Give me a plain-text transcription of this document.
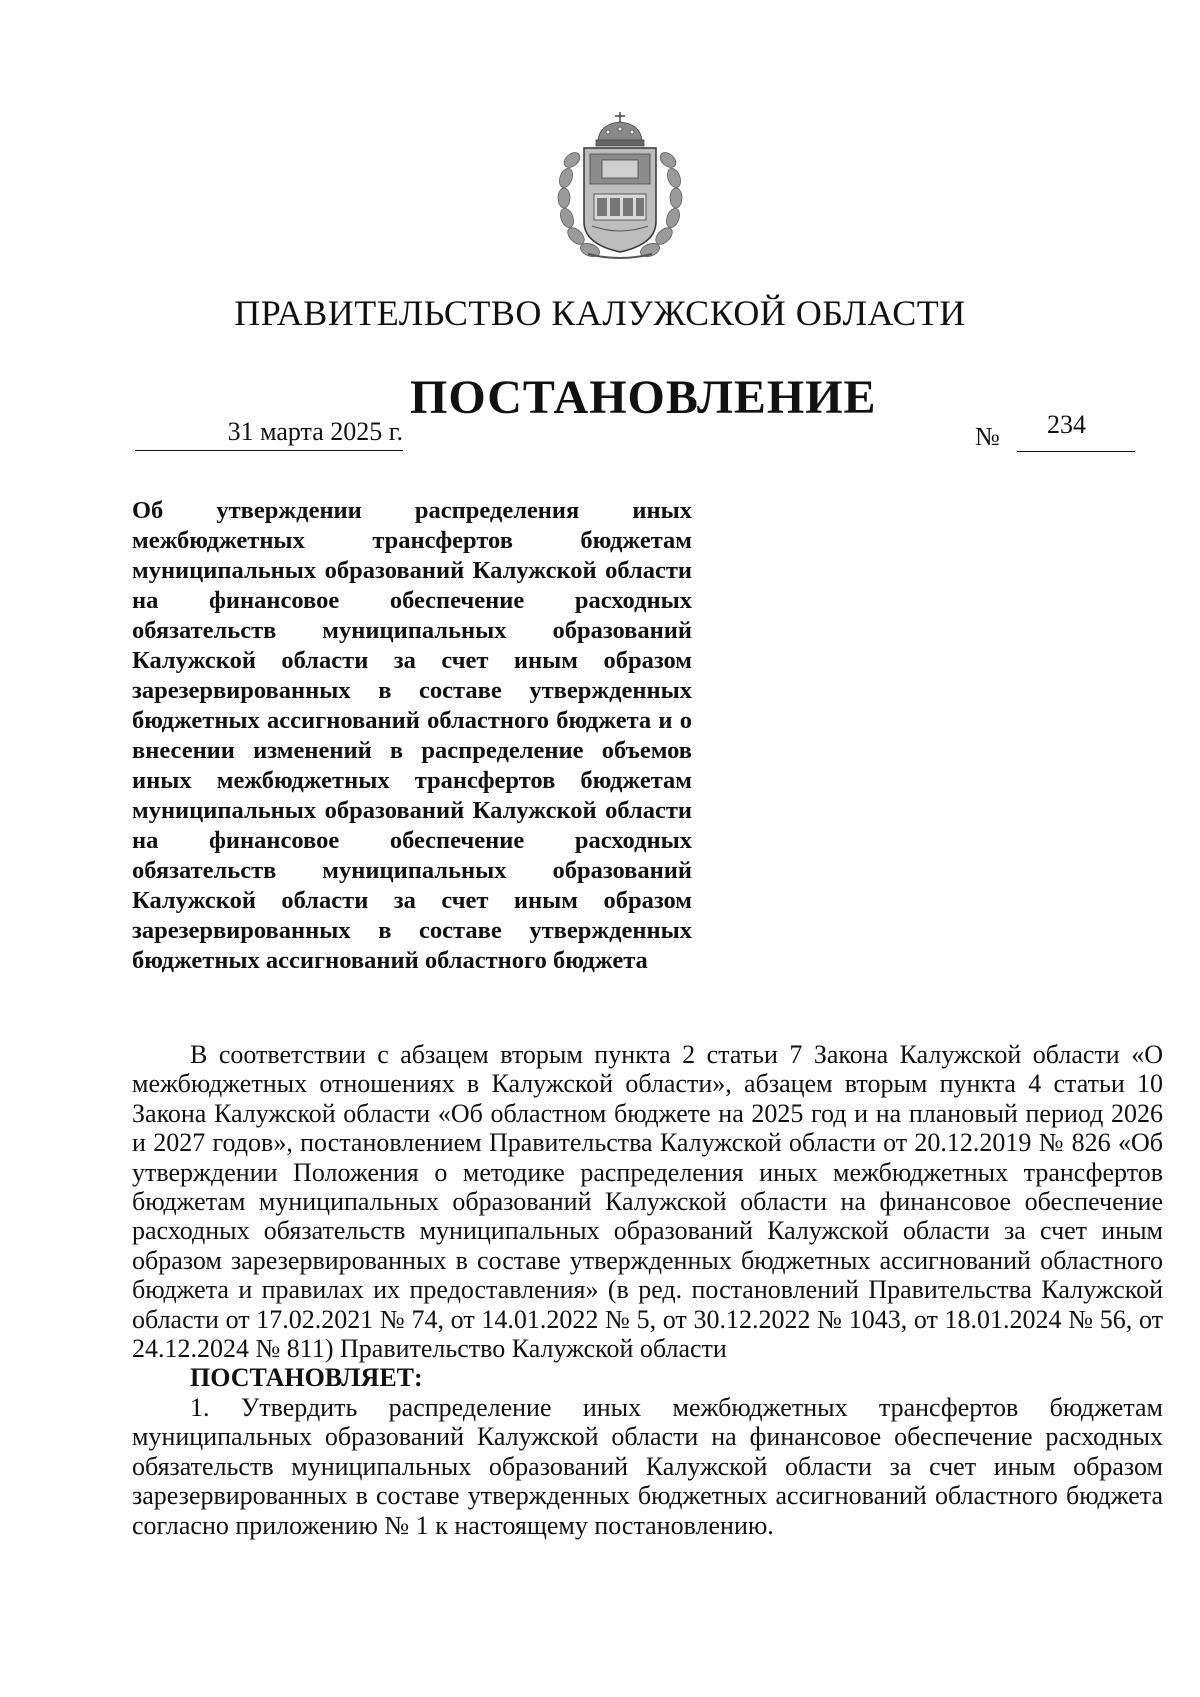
ПРАВИТЕЛЬСТВО КАЛУЖСКОЙ ОБЛАСТИ
ПОСТАНОВЛЕНИЕ
31 марта 2025 г.	№ 234

Об утверждении распределения иных межбюджетных трансфертов бюджетам муниципальных образований Калужской области на финансовое обеспечение расходных обязательств муниципальных образований Калужской области за счет иным образом зарезервированных в составе утвержденных бюджетных ассигнований областного бюджета и о внесении изменений в распределение объемов иных межбюджетных трансфертов бюджетам муниципальных образований Калужской области на финансовое обеспечение расходных обязательств муниципальных образований Калужской области за счет иным образом зарезервированных в составе утвержденных бюджетных ассигнований областного бюджета

В соответствии с абзацем вторым пункта 2 статьи 7 Закона Калужской области «О межбюджетных отношениях в Калужской области», абзацем вторым пункта 4 статьи 10 Закона Калужской области «Об областном бюджете на 2025 год и на плановый период 2026 и 2027 годов», постановлением Правительства Калужской области от 20.12.2019 № 826 «Об утверждении Положения о методике распределения иных межбюджетных трансфертов бюджетам муниципальных образований Калужской области на финансовое обеспечение расходных обязательств муниципальных образований Калужской области за счет иным образом зарезервированных в составе утвержденных бюджетных ассигнований областного бюджета и правилах их предоставления» (в ред. постановлений Правительства Калужской области от 17.02.2021 № 74, от 14.01.2022 № 5, от 30.12.2022 № 1043, от 18.01.2024 № 56, от 24.12.2024 № 811) Правительство Калужской области
ПОСТАНОВЛЯЕТ:

1. Утвердить распределение иных межбюджетных трансфертов бюджетам муниципальных образований Калужской области на финансовое обеспечение расходных обязательств муниципальных образований Калужской области за счет иным образом зарезервированных в составе утвержденных бюджетных ассигнований областного бюджета согласно приложению № 1 к настоящему постановлению.
